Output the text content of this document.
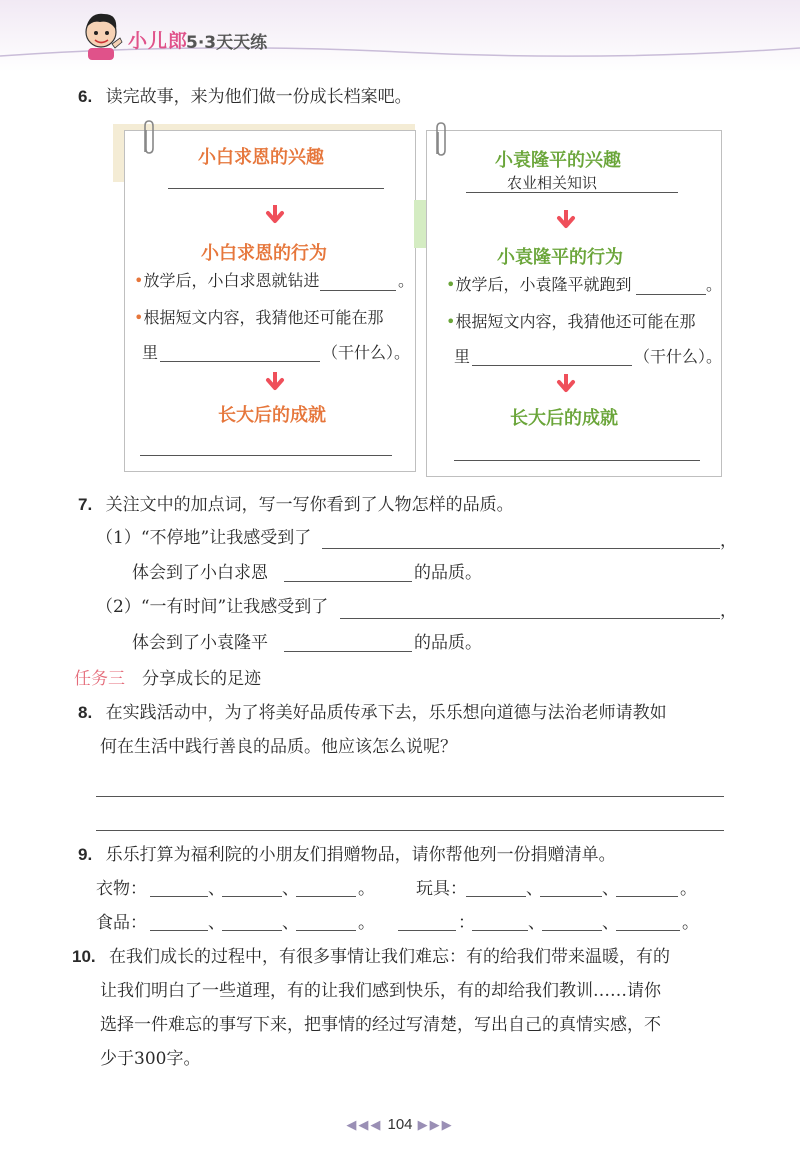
小儿郎
5·3天天练
6. 读完故事，来为他们做一份成长档案吧。
小白求恩的兴趣
小白求恩的行为
•放学后，小白求恩就钻进	。
•根据短文内容，我猜他还可能在那
里	（干什么）。
长大后的成就
小袁隆平的兴趣
农业相关知识
小袁隆平的行为
•放学后，小袁隆平就跑到	。
•根据短文内容，我猜他还可能在那
里	（干什么）。
长大后的成就
7. 关注文中的加点词，写一写你看到了人物怎样的品质。
（1）“不停地”让我感受到了	，
体会到了小白求恩	的品质。
（2）“一有时间”让我感受到了	，
体会到了小袁隆平	的品质。
任务三 分享成长的足迹
8. 在实践活动中，为了将美好品质传承下去，乐乐想向道德与法治老师请教如
何在生活中践行善良的品质。他应该怎么说呢？
9. 乐乐打算为福利院的小朋友们捐赠物品，请你帮他列一份捐赠清单。
衣物：	、	、	。 玩具：	、	、	。
食品：	、	、	。	：	、	、	。
10. 在我们成长的过程中，有很多事情让我们难忘：有的给我们带来温暖，有的
让我们明白了一些道理，有的让我们感到快乐，有的却给我们教训……请你
选择一件难忘的事写下来，把事情的经过写清楚，写出自己的真情实感，不
少于300字。
◀◀◀ 104 ▶▶▶
